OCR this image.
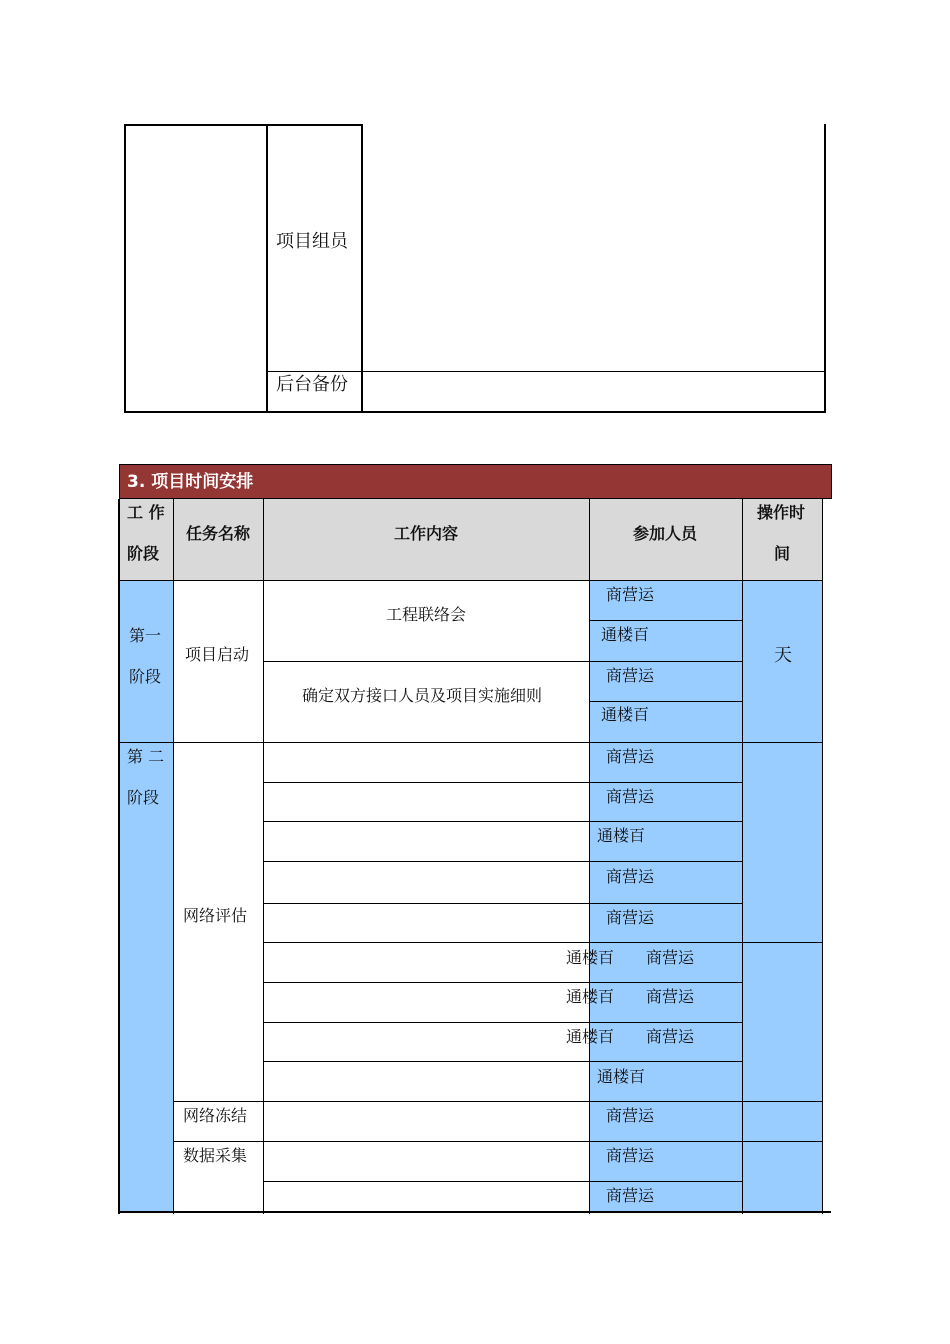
项目组员
后台备份
3. 项目时间安排
工 作
阶段
任务名称	工作内容	参加人员
操作时
间
第一
阶段
项目启动
工程联络会
确定双方接口人员及项目实施细则
天
商营运
通楼百
商营运
通楼百
第 二
阶段
网络评估
网络冻结
数据采集
商营运
商营运
通楼百
商营运
商营运
通楼百
通楼百
通楼百
通楼百
商营运
商营运
商营运
商营运
商营运
商营运
